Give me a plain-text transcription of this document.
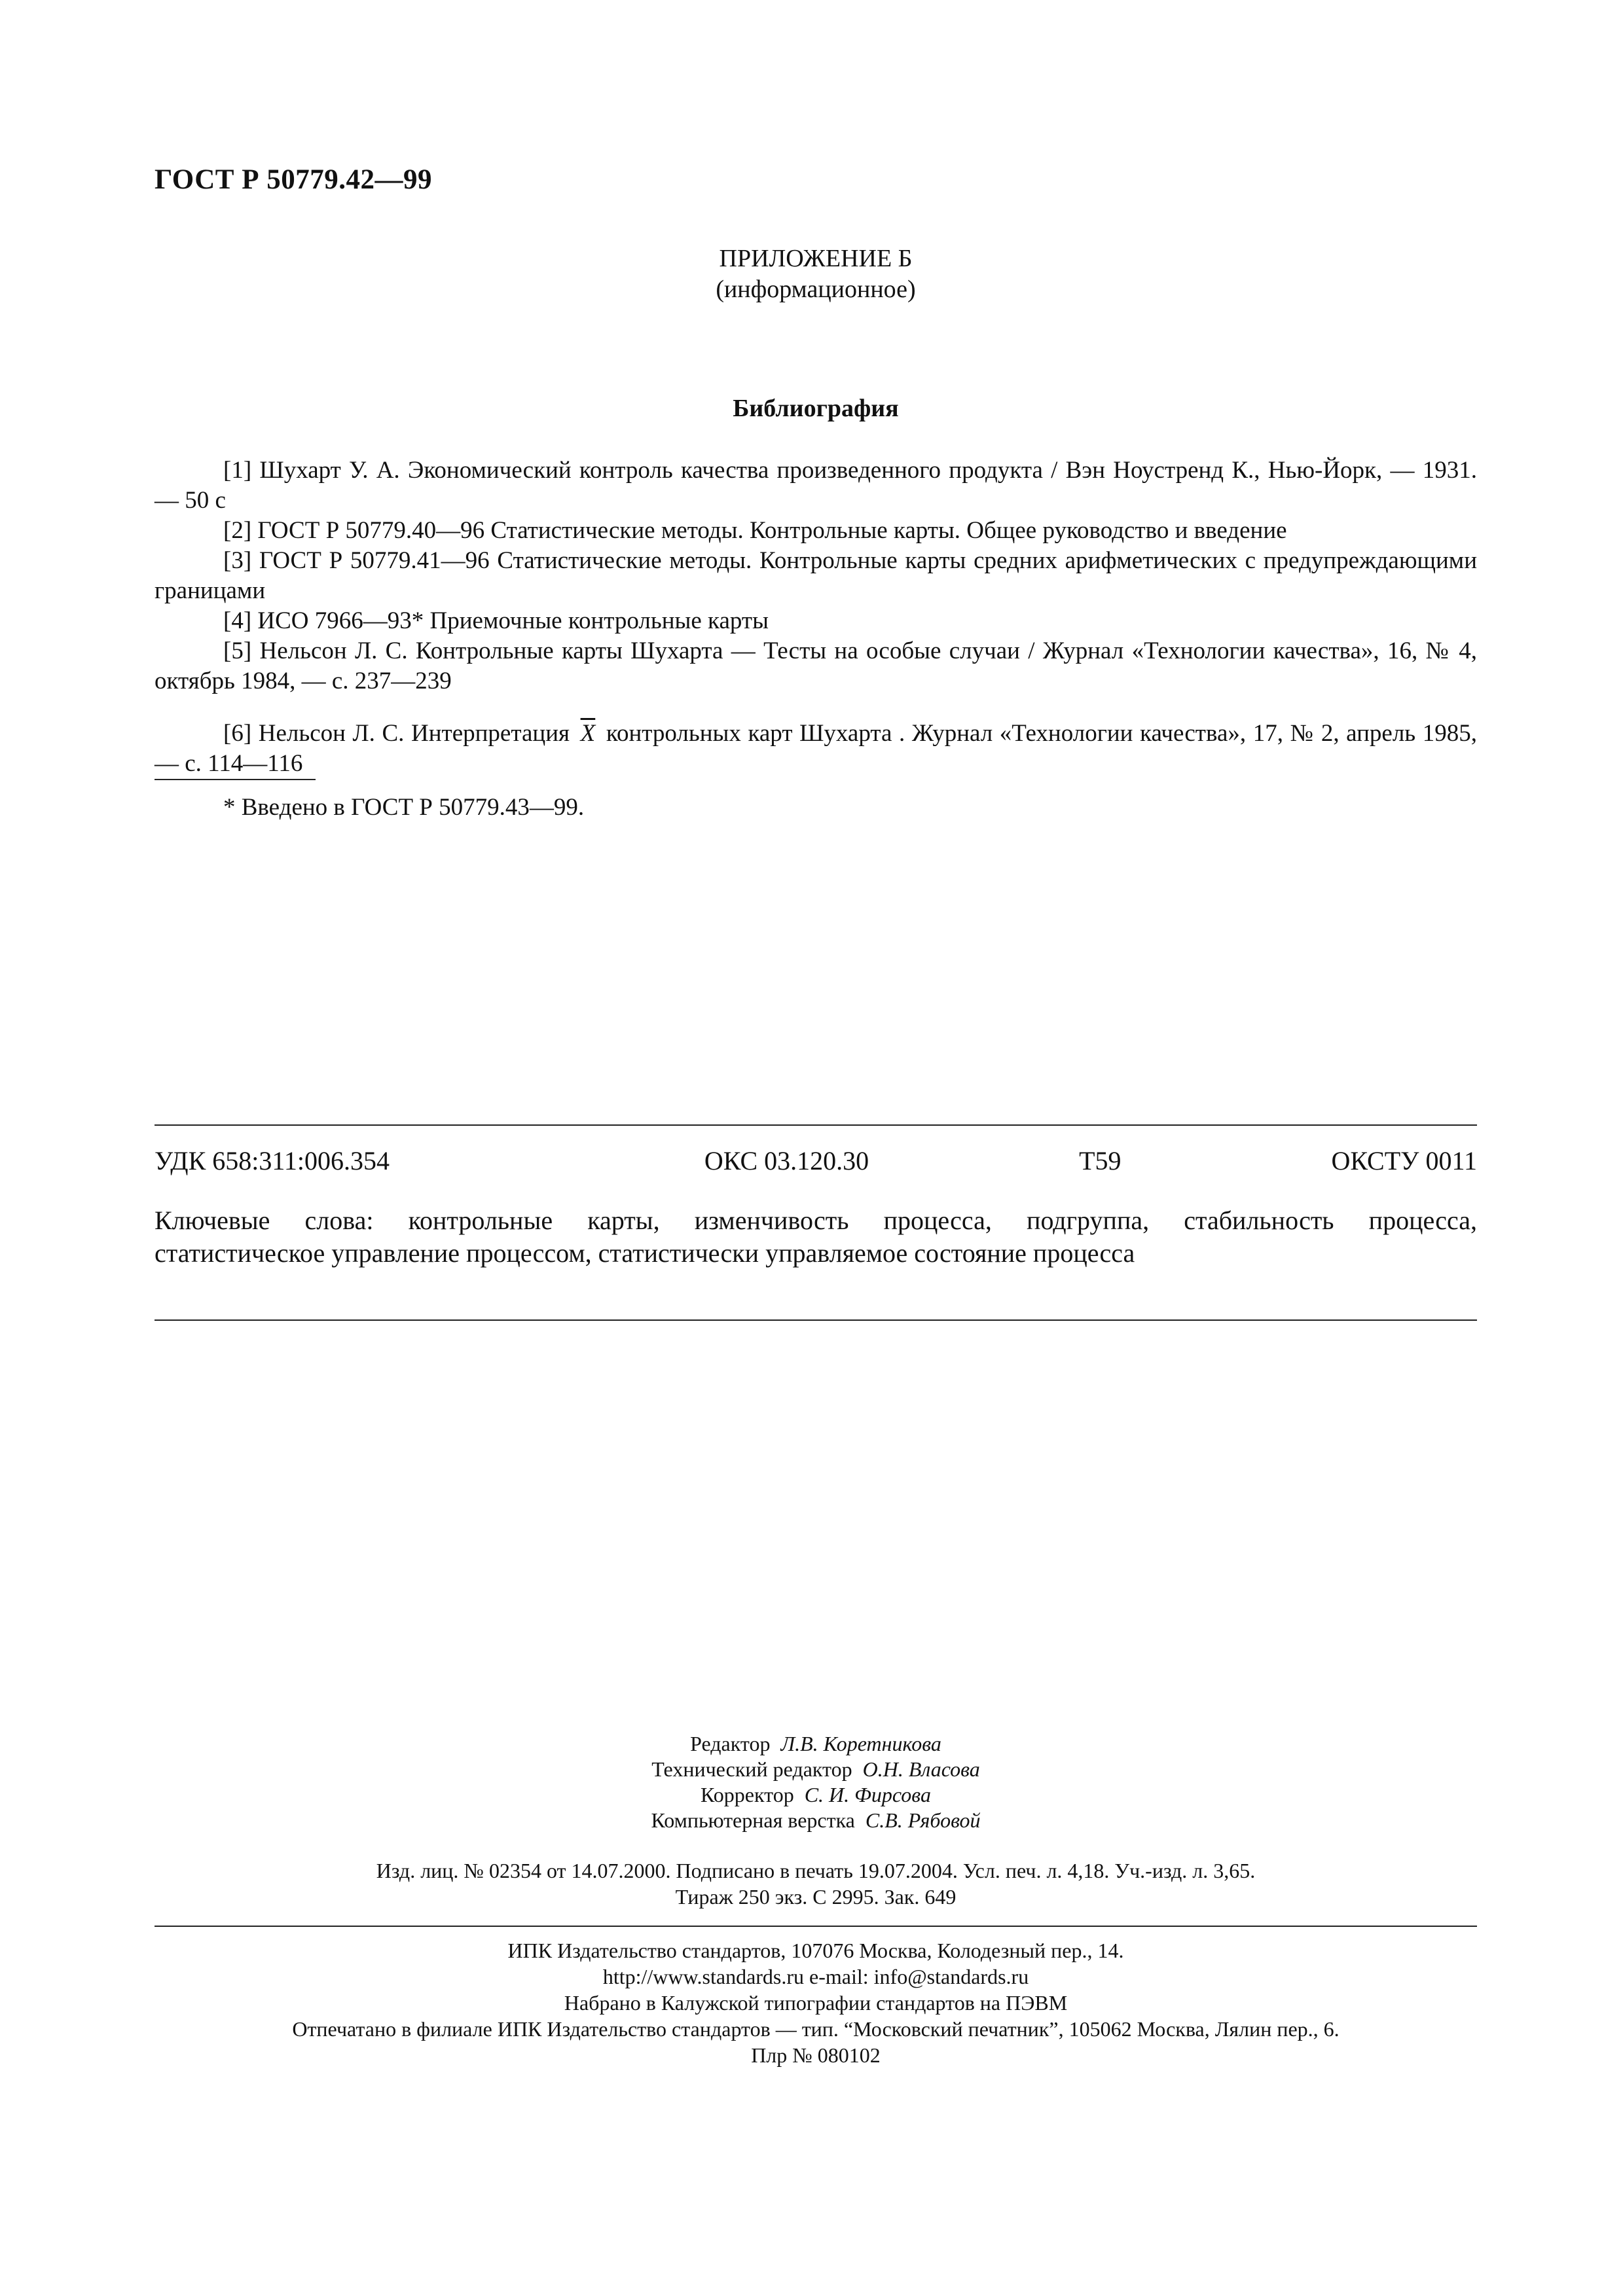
ГОСТ Р 50779.42—99
ПРИЛОЖЕНИЕ Б
(информационное)
Библиография
[1] Шухарт У. А. Экономический контроль качества произведенного продукта / Вэн Ноустренд К., Нью-Йорк, — 1931. — 50 с
[2] ГОСТ Р 50779.40—96 Статистические методы. Контрольные карты. Общее руководство и введение
[3] ГОСТ Р 50779.41—96 Статистические методы. Контрольные карты средних арифметических с предупреждающими границами
[4] ИСО 7966—93* Приемочные контрольные карты
[5] Нельсон Л. С. Контрольные карты Шухарта — Тесты на особые случаи / Журнал «Технологии качества», 16, № 4, октябрь 1984, — с. 237—239
[6] Нельсон Л. С. Интерпретация $\overline{X}$ контрольных карт Шухарта . Журнал «Технологии качества», 17, № 2, апрель 1985, — с. 114—116
* Введено в ГОСТ Р 50779.43—99.
УДК 658:311:006.354	ОКС 03.120.30	Т59	ОКСТУ 0011
Ключевые слова: контрольные карты, изменчивость процесса, подгруппа, стабильность процесса,
статистическое управление процессом, статистически управляемое состояние процесса
Редактор Л.В. Коретникова
Технический редактор О.Н. Власова
Корректор С. И. Фирсова
Компьютерная верстка С.В. Рябовой
Изд. лиц. № 02354 от 14.07.2000. Подписано в печать 19.07.2004. Усл. печ. л. 4,18. Уч.-изд. л. 3,65.
Тираж 250 экз. С 2995. Зак. 649
ИПК Издательство стандартов, 107076 Москва, Колодезный пер., 14.
http://www.standards.ru e-mail: info@standards.ru
Набрано в Калужской типографии стандартов на ПЭВМ
Отпечатано в филиале ИПК Издательство стандартов — тип. “Московский печатник”, 105062 Москва, Лялин пер., 6.
Плр № 080102
